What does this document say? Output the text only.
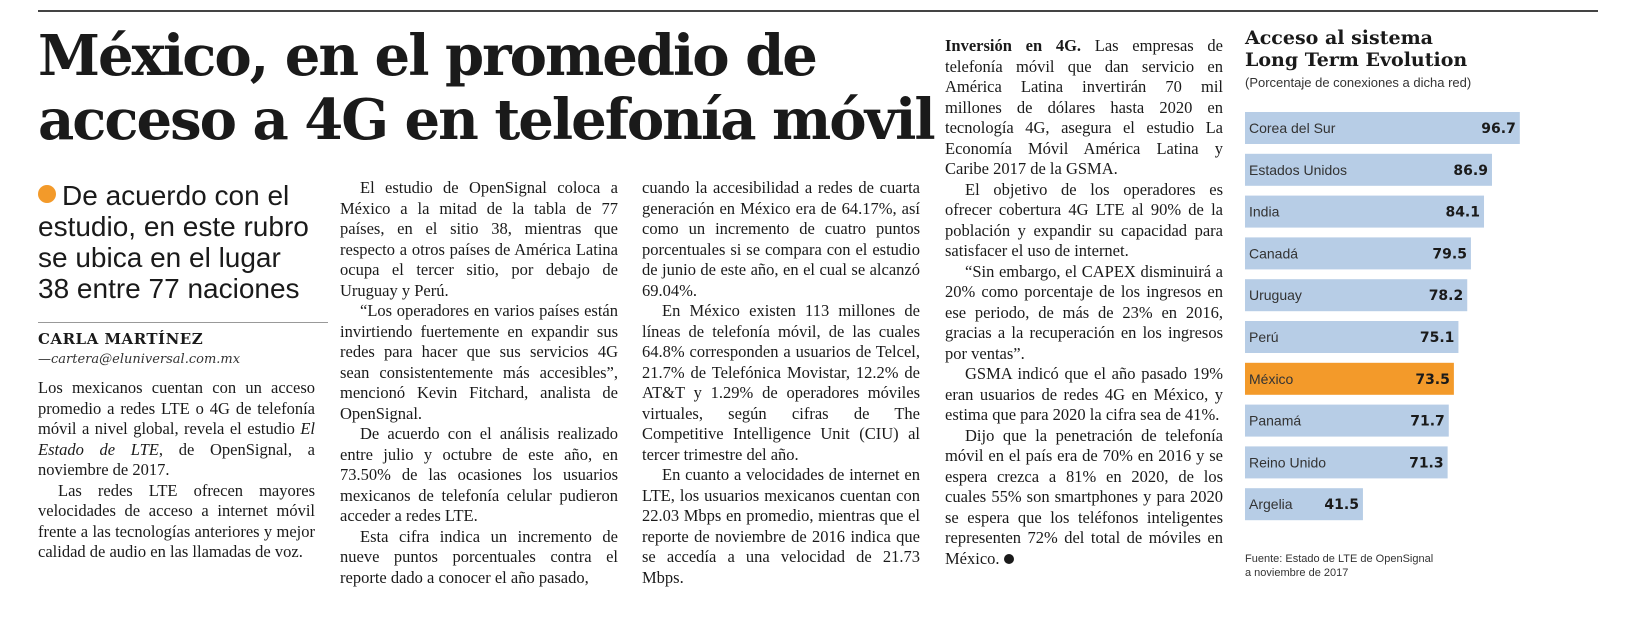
México, en el promedio de
acceso a 4G en telefonía móvil
De acuerdo con el
estudio, en este rubro
se ubica en el lugar
38 entre 77 naciones
CARLA MARTÍNEZ
—cartera@eluniversal.com.mx

Los mexicanos cuentan con un acceso promedio a redes LTE o 4G de telefonía móvil a nivel global, revela el estudio El Estado de LTE, de OpenSignal, a noviembre de 2017.

Las redes LTE ofrecen mayores velocidades de acceso a internet móvil frente a las tecnologías anteriores y mejor calidad de audio en las llamadas de voz.

El estudio de OpenSignal coloca a México a la mitad de la tabla de 77 países, en el sitio 38, mientras que respecto a otros países de América Latina ocupa el tercer sitio, por debajo de Uruguay y Perú.

“Los operadores en varios países están invirtiendo fuertemente en expandir sus redes para hacer que sus servicios 4G sean consistentemente más accesibles”, mencionó Kevin Fitchard, analista de OpenSignal.

De acuerdo con el análisis realizado entre julio y octubre de este año, en 73.50% de las ocasiones los usuarios mexicanos de telefonía celular pudieron acceder a redes LTE.

Esta cifra indica un incremento de nueve puntos porcentuales contra el reporte dado a conocer el año pasado,

cuando la accesibilidad a redes de cuarta generación en México era de 64.17%, así como un incremento de cuatro puntos porcentuales si se compara con el estudio de junio de este año, en el cual se alcanzó 69.04%.

En México existen 113 millones de líneas de telefonía móvil, de las cuales 64.8% corresponden a usuarios de Telcel, 21.7% de Telefónica Movistar, 12.2% de AT&T y 1.29% de operadores móviles virtuales, según cifras de The Competitive Intelligence Unit (CIU) al tercer trimestre del año.

En cuanto a velocidades de internet en LTE, los usuarios mexicanos cuentan con 22.03 Mbps en promedio, mientras que el reporte de noviembre de 2016 indica que se accedía a una velocidad de 21.73 Mbps.

Inversión en 4G. Las empresas de telefonía móvil que dan servicio en América Latina invertirán 70 mil millones de dólares hasta 2020 en tecnología 4G, asegura el estudio La Economía Móvil América Latina y Caribe 2017 de la GSMA.

El objetivo de los operadores es ofrecer cobertura 4G LTE al 90% de la población y expandir su capacidad para satisfacer el uso de internet.

“Sin embargo, el CAPEX disminuirá a 20% como porcentaje de los ingresos en ese periodo, de más de 23% en 2016, gracias a la recuperación en los ingresos por ventas”.

GSMA indicó que el año pasado 19% eran usuarios de redes 4G en México, y estima que para 2020 la cifra sea de 41%.

Dijo que la penetración de telefonía móvil en el país era de 70% en 2016 y se espera crezca a 81% en 2020, de los cuales 55% son smartphones y para 2020 se espera que los teléfonos inteligentes representen 72% del total de móviles en México.

Acceso al sistema
Long Term Evolution
(Porcentaje de conexiones a dicha red)
Corea del Sur	96.7
Estados Unidos	86.9
India	84.1
Canadá	79.5
Uruguay	78.2
Perú	75.1
México	73.5
Panamá	71.7
Reino Unido	71.3
Argelia 41.5
Fuente: Estado de LTE de OpenSignal
a noviembre de 2017
